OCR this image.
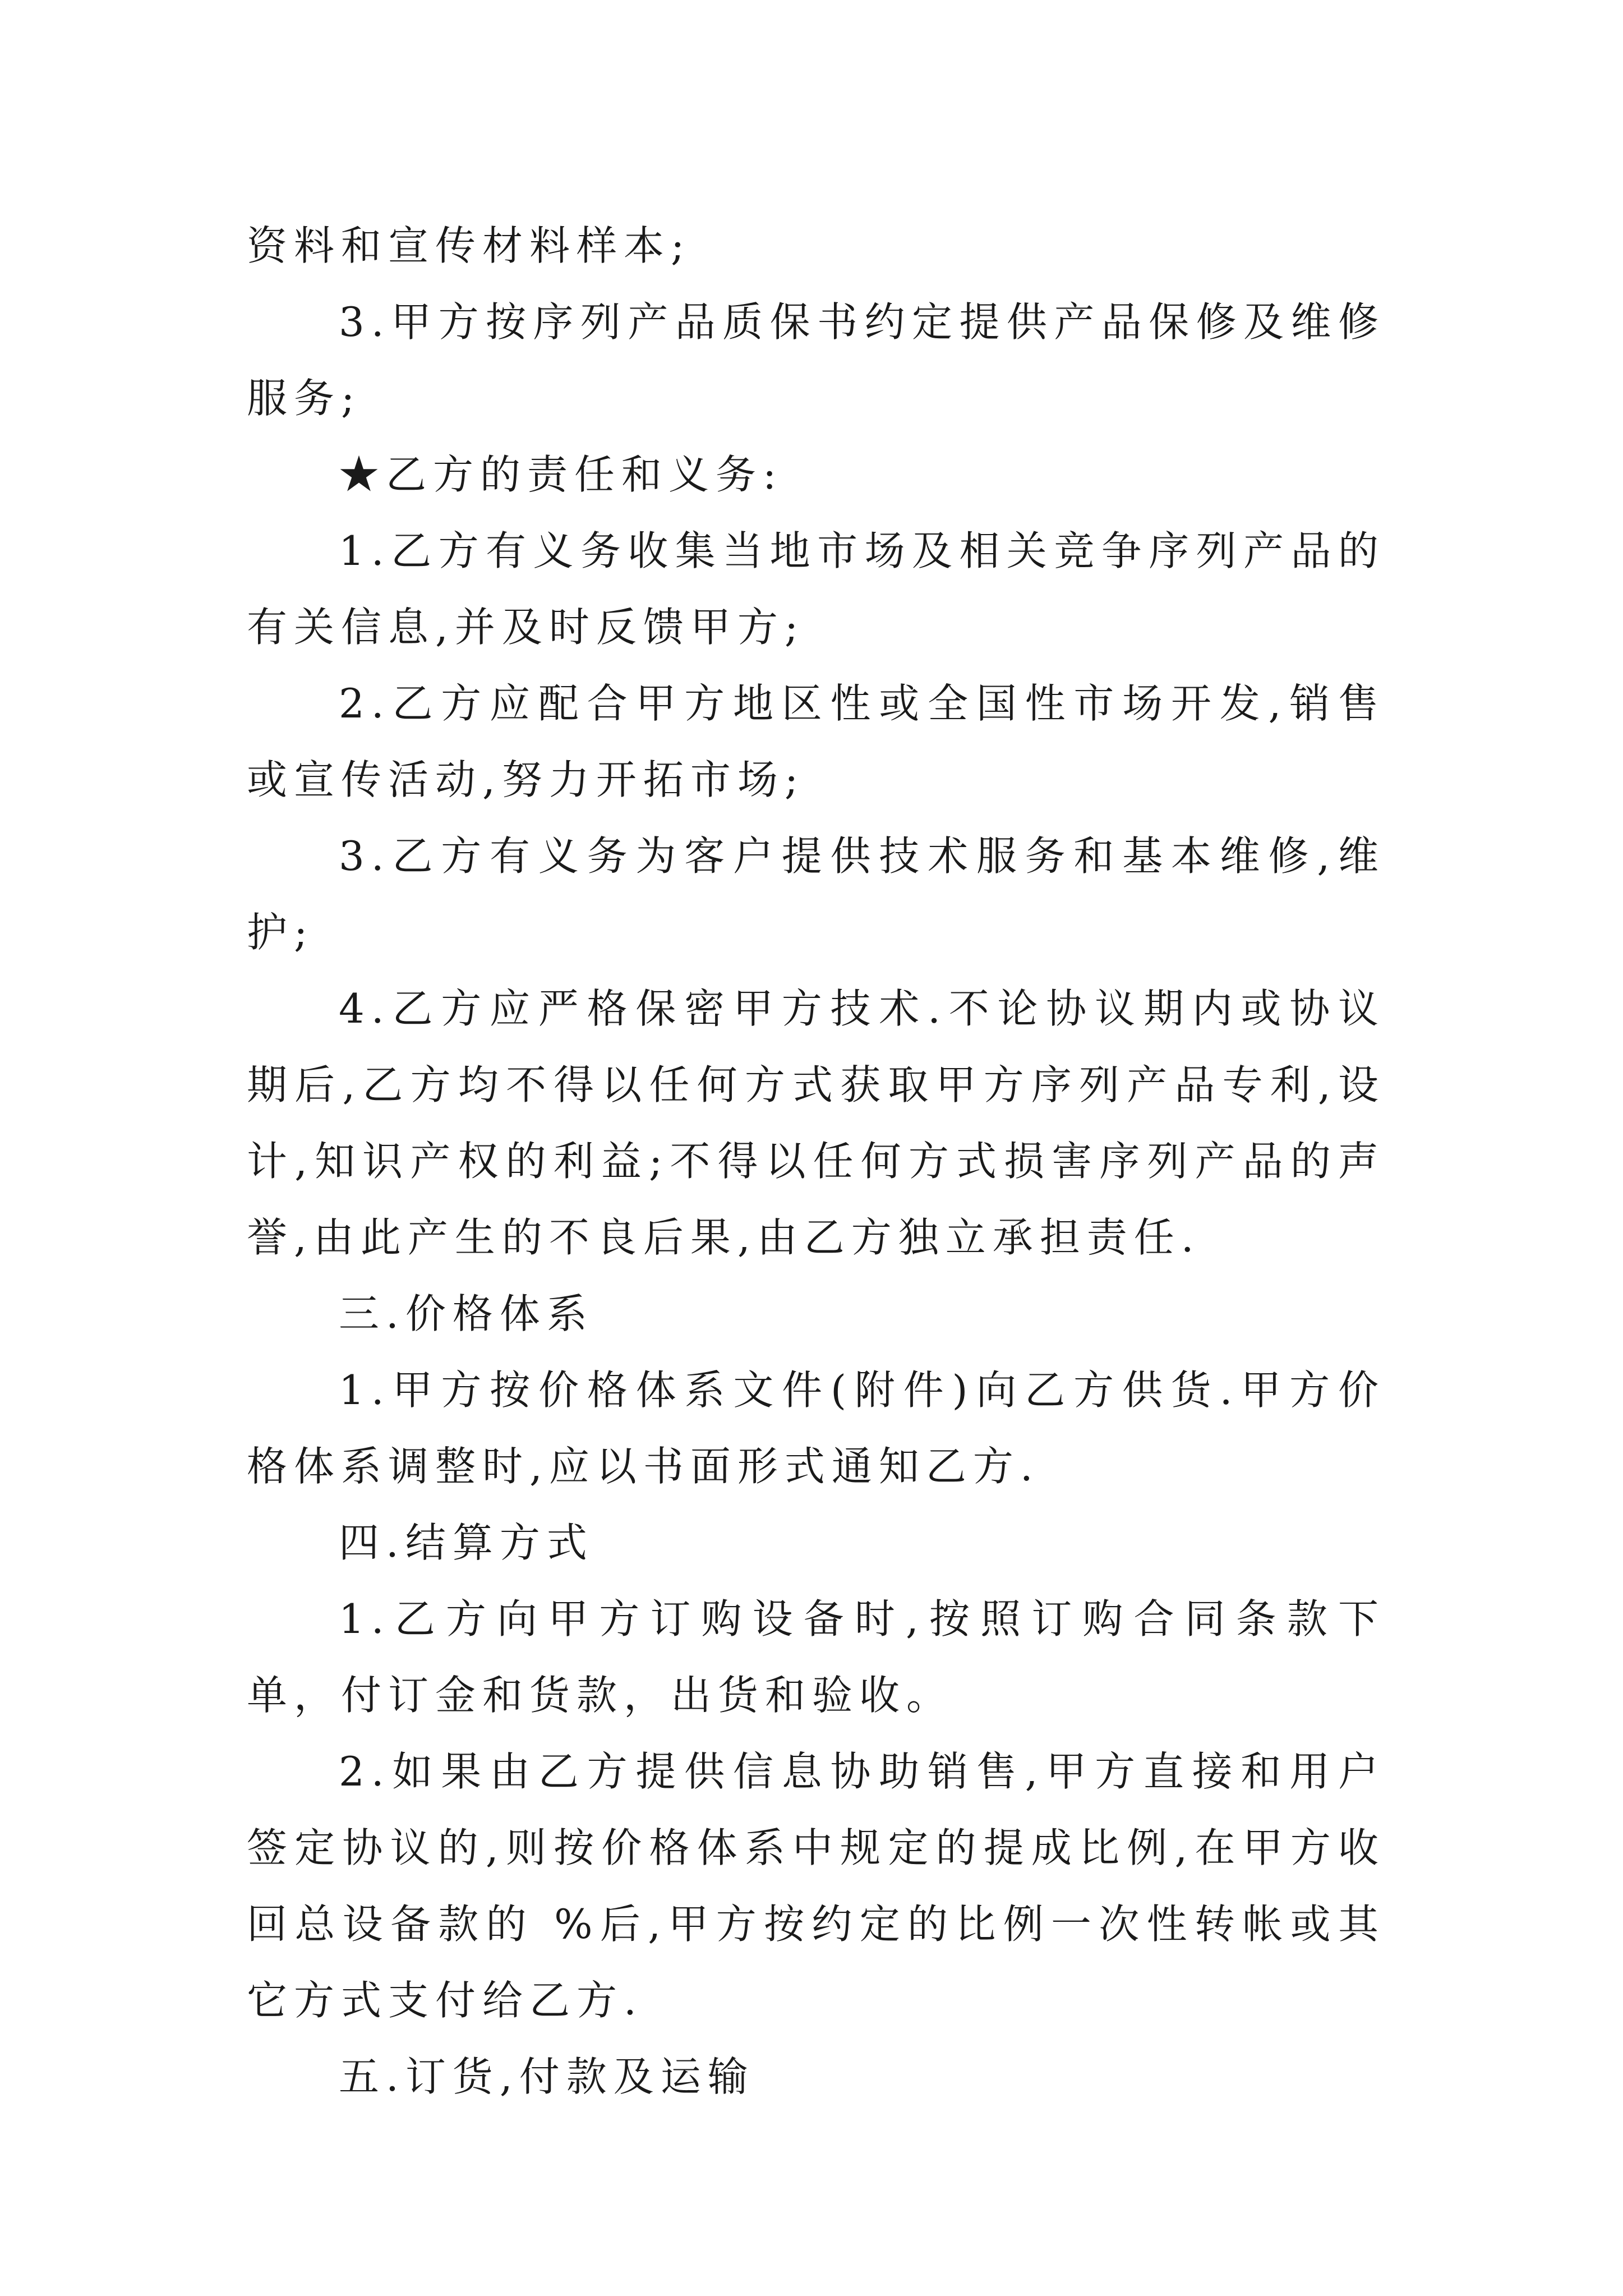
资料和宣传材料样本;

3.甲方按序列产品质保书约定提供产品保修及维修服务;

★乙方的责任和义务:

1.乙方有义务收集当地市场及相关竞争序列产品的有关信息,并及时反馈甲方;

2.乙方应配合甲方地区性或全国性市场开发,销售或宣传活动,努力开拓市场;

3.乙方有义务为客户提供技术服务和基本维修,维护;

4.乙方应严格保密甲方技术.不论协议期内或协议期后,乙方均不得以任何方式获取甲方序列产品专利,设计,知识产权的利益;不得以任何方式损害序列产品的声誉,由此产生的不良后果,由乙方独立承担责任.

三.价格体系

1.甲方按价格体系文件(附件)向乙方供货.甲方价格体系调整时,应以书面形式通知乙方.

四.结算方式

1.乙方向甲方订购设备时,按照订购合同条款下单，付订金和货款，出货和验收。

2.如果由乙方提供信息协助销售,甲方直接和用户签定协议的,则按价格体系中规定的提成比例,在甲方收回总设备款的 %后,甲方按约定的比例一次性转帐或其它方式支付给乙方.

五.订货,付款及运输
